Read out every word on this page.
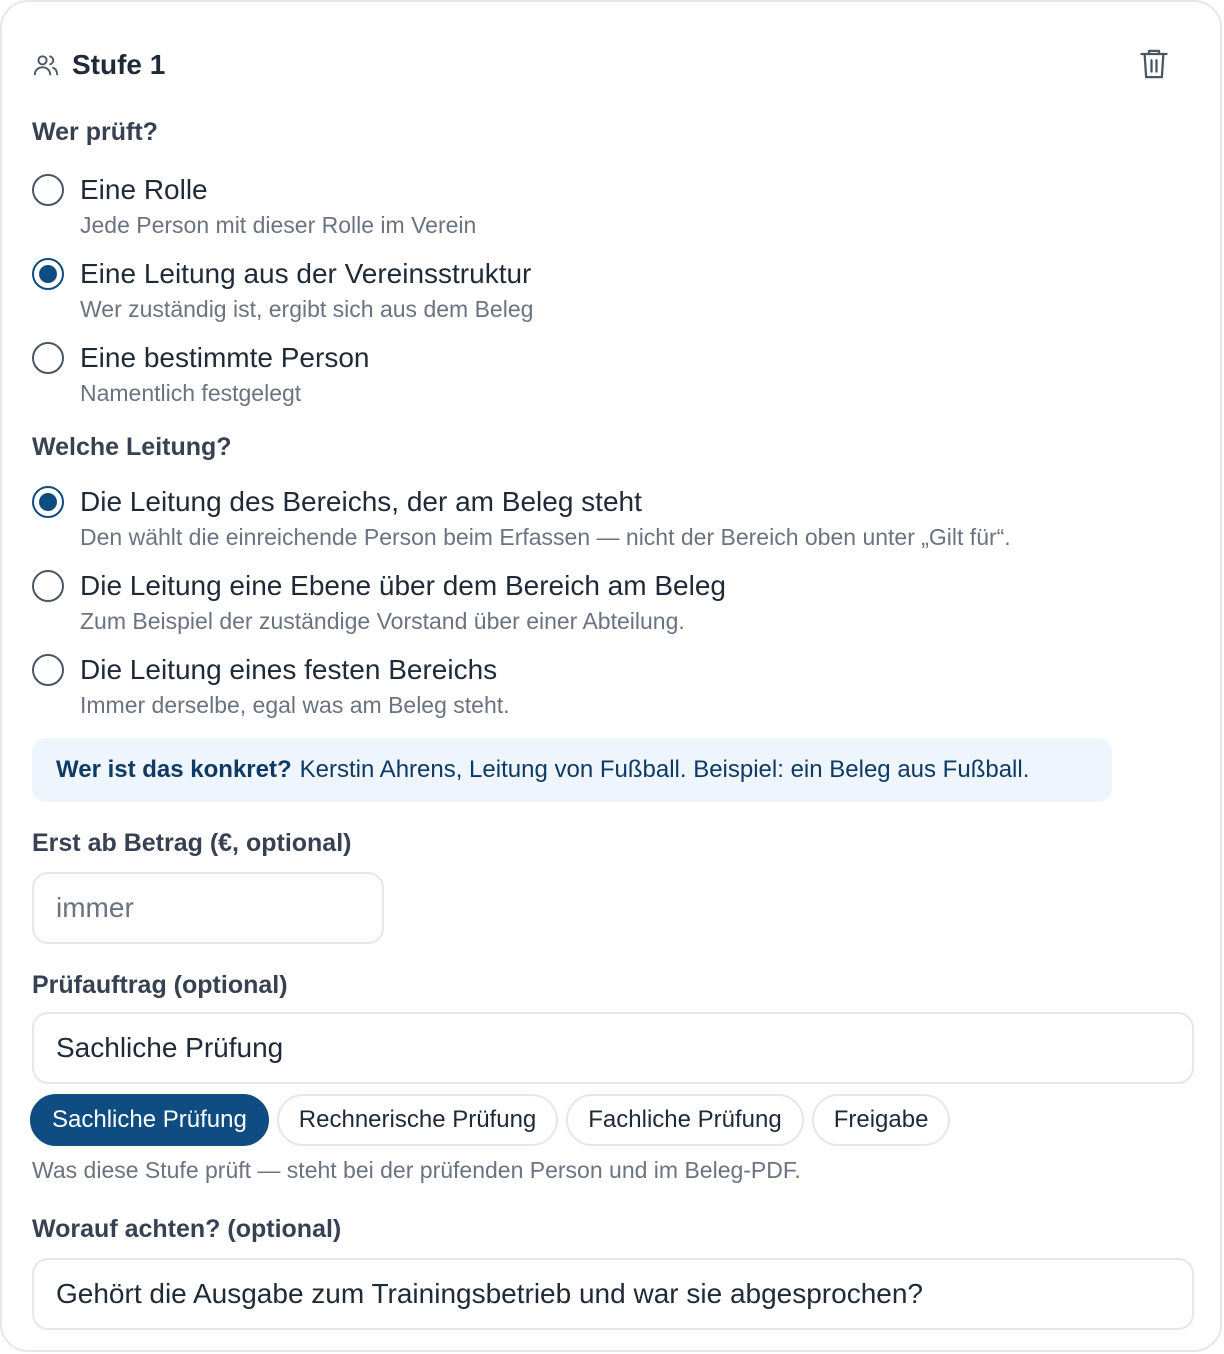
Stufe 1
Wer prüft?
Eine Rolle
Jede Person mit dieser Rolle im Verein
Eine Leitung aus der Vereinsstruktur
Wer zuständig ist, ergibt sich aus dem Beleg
Eine bestimmte Person
Namentlich festgelegt
Welche Leitung?
Die Leitung des Bereichs, der am Beleg steht
Den wählt die einreichende Person beim Erfassen — nicht der Bereich oben unter „Gilt für“.
Die Leitung eine Ebene über dem Bereich am Beleg
Zum Beispiel der zuständige Vorstand über einer Abteilung.
Die Leitung eines festen Bereichs
Immer derselbe, egal was am Beleg steht.
Wer ist das konkret? Kerstin Ahrens, Leitung von Fußball. Beispiel: ein Beleg aus Fußball.
Erst ab Betrag (€, optional)
immer
Prüfauftrag (optional)
Sachliche Prüfung
Sachliche Prüfung	Rechnerische Prüfung	Fachliche Prüfung	Freigabe
Was diese Stufe prüft — steht bei der prüfenden Person und im Beleg-PDF.
Worauf achten? (optional)
Gehört die Ausgabe zum Trainingsbetrieb und war sie abgesprochen?
